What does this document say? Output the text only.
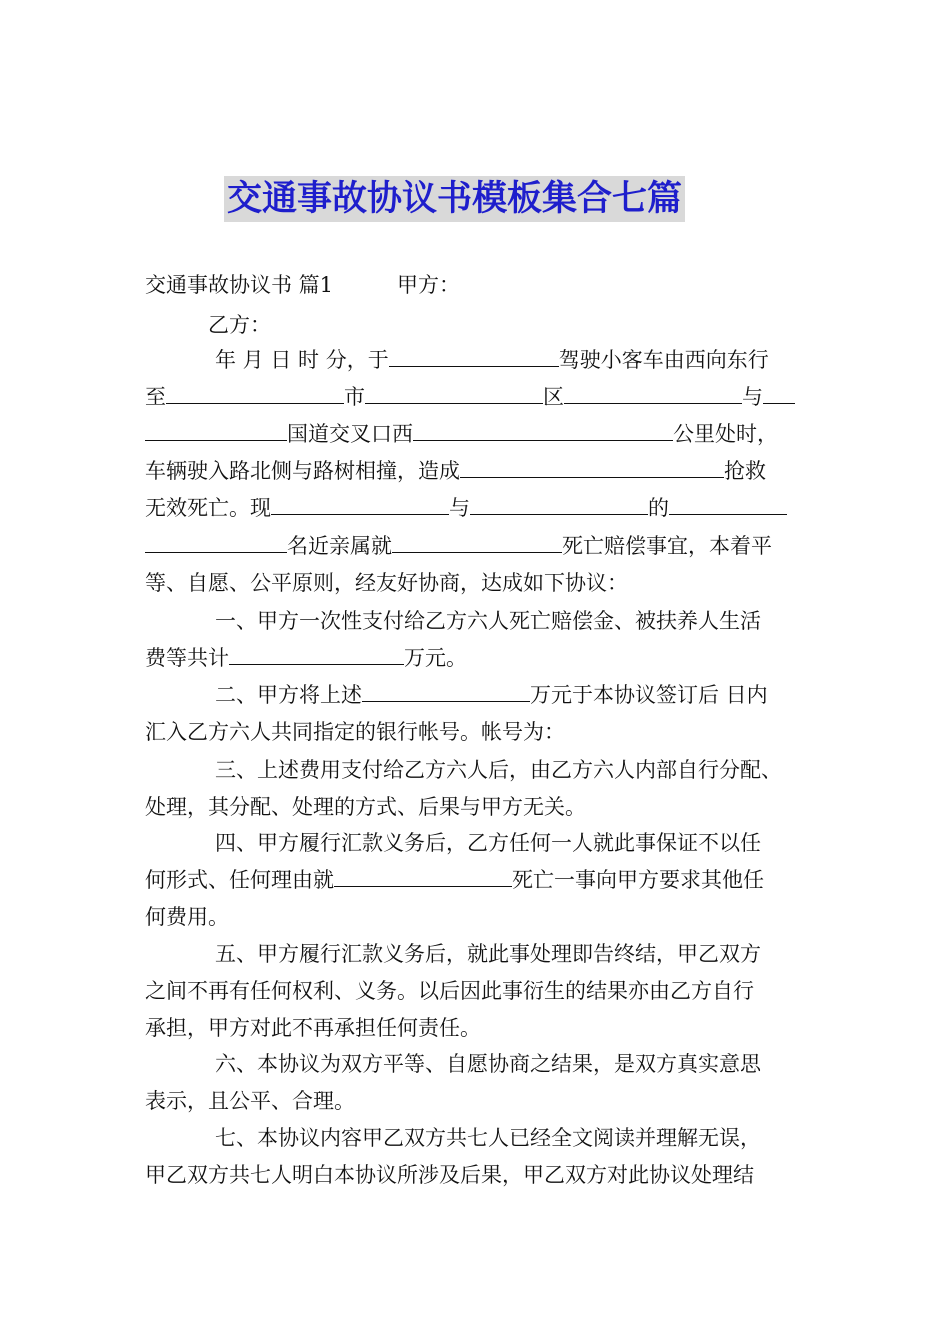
交通事故协议书模板集合七篇
交通事故协议书 篇1	甲方：
乙方：
年 月 日 时 分，于	驾驶小客车由西向东行
至	市	区	与
国道交叉口西	公里处时，
车辆驶入路北侧与路树相撞，造成	抢救
无效死亡。现	与	的
名近亲属就	死亡赔偿事宜，本着平
等、自愿、公平原则，经友好协商，达成如下协议：
一、甲方一次性支付给乙方六人死亡赔偿金、被扶养人生活
费等共计	万元。
二、甲方将上述	万元于本协议签订后 日内
汇入乙方六人共同指定的银行帐号。帐号为：
三、上述费用支付给乙方六人后，由乙方六人内部自行分配、
处理，其分配、处理的方式、后果与甲方无关。
四、甲方履行汇款义务后，乙方任何一人就此事保证不以任
何形式、任何理由就	死亡一事向甲方要求其他任
何费用。
五、甲方履行汇款义务后，就此事处理即告终结，甲乙双方
之间不再有任何权利、义务。以后因此事衍生的结果亦由乙方自行
承担，甲方对此不再承担任何责任。
六、本协议为双方平等、自愿协商之结果，是双方真实意思
表示，且公平、合理。
七、本协议内容甲乙双方共七人已经全文阅读并理解无误，
甲乙双方共七人明白本协议所涉及后果，甲乙双方对此协议处理结
